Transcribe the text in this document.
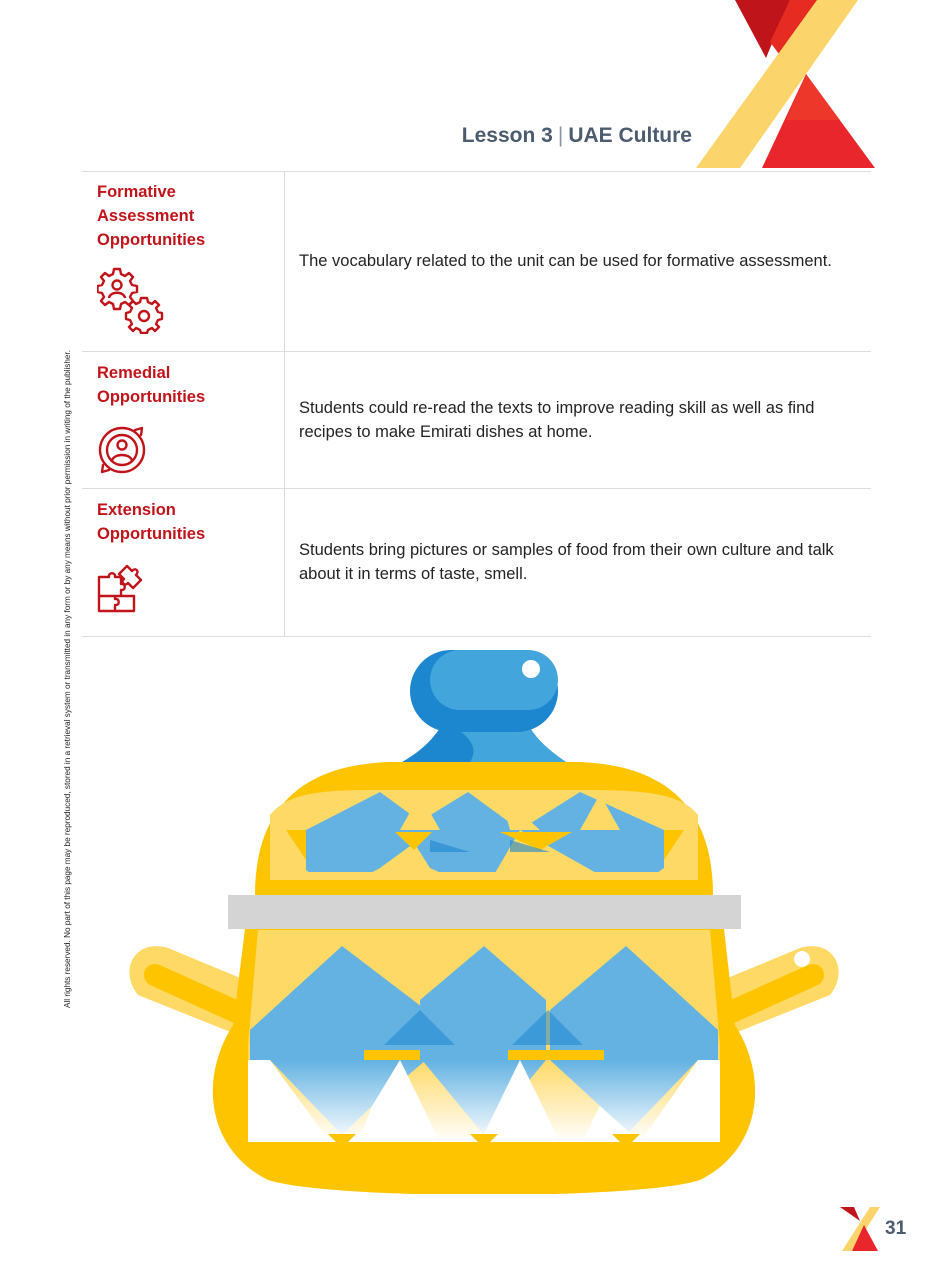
Lesson 3 | UAE Culture
All rights reserved. No part of this page may be reproduced, stored in a retrieval system or transmitted in any form or by any means without prior permission in writing of the publisher.
Formative Assessment Opportunities	The vocabulary related to the unit can be used for formative assessment.

Remedial Opportunities	Students could re-read the texts to improve reading skill as well as find recipes to make Emirati dishes at home.

Extension Opportunities	Students bring pictures or samples of food from their own culture and talk about it in terms of taste, smell.
31
